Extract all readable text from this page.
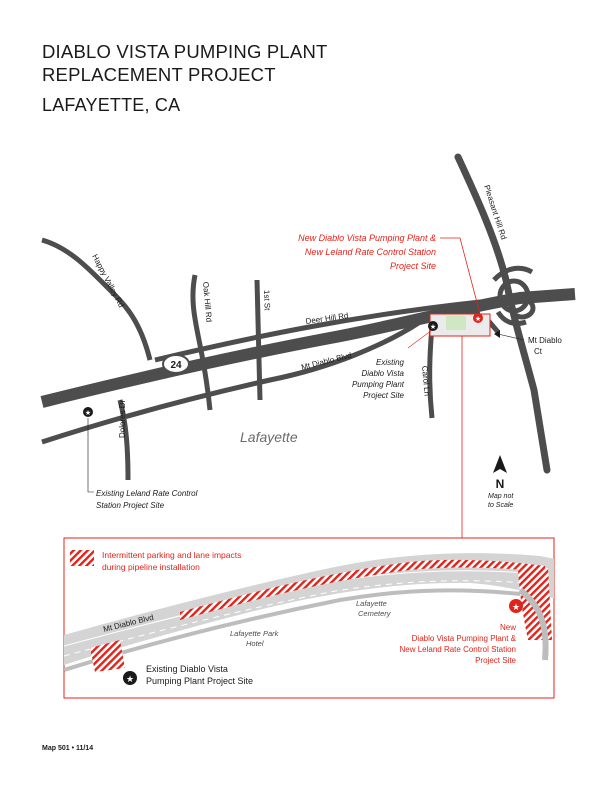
DIABLO VISTA PUMPING PLANT
REPLACEMENT PROJECT
LAFAYETTE, CA
24
★
★
★
Happy Valley Rd	Oak Hill Rd	1st St
Deer Hill Rd
Mt Diablo Blvd
Pleasant Hill Rd
Carol Ln
Dolores Dr
Mt Diablo
Ct
Lafayette
New Diablo Vista Pumping Plant &
New Leland Rate Control Station
Project Site
Existing
Diablo Vista
Pumping Plant
Project Site
Existing Leland Rate Control
Station Project Site
N
Map not
to Scale
Intermittent parking and lane impacts
during pipeline installation
Mt Diablo Blvd
Lafayette
Cemetery
Lafayette Park
Hotel
★
New
Diablo Vista Pumping Plant &
New Leland Rate Control Station
Project Site
★
Existing Diablo Vista
Pumping Plant Project Site
Map 501 • 11/14
